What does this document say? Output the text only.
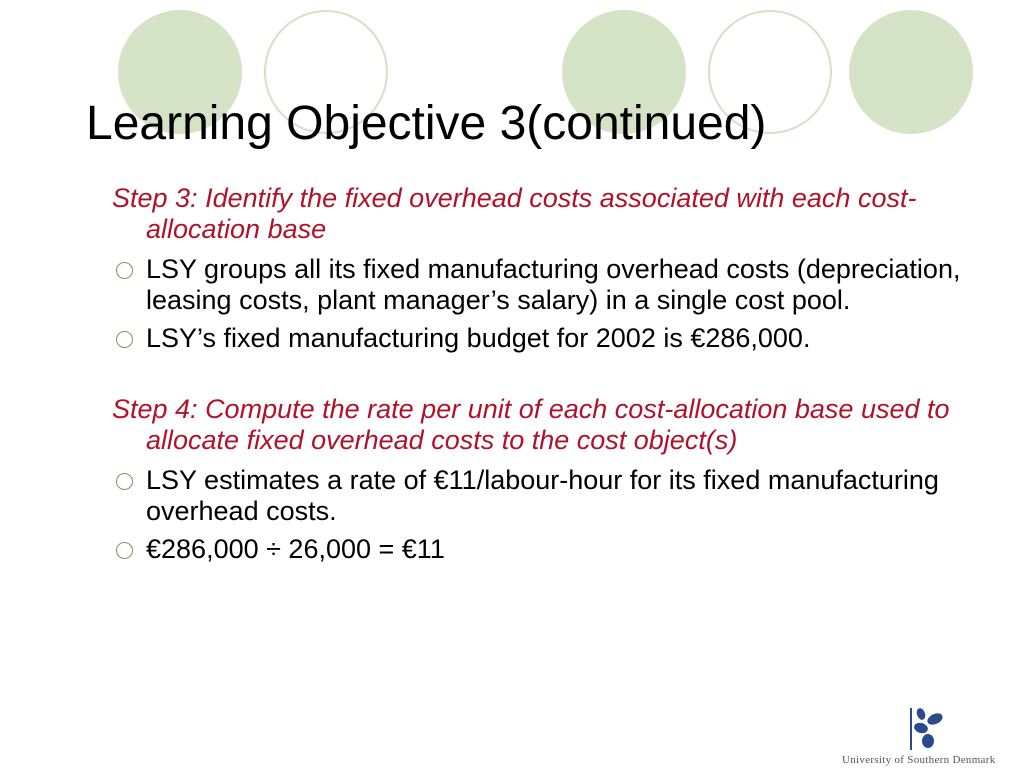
Learning Objective 3(continued)

Step 3: Identify the fixed overhead costs associated with each cost-allocation base

LSY groups all its fixed manufacturing overhead costs (depreciation, leasing costs, plant manager’s salary) in a single cost pool.

LSY’s fixed manufacturing budget for 2002 is €286,000.

Step 4: Compute the rate per unit of each cost-allocation base used to allocate fixed overhead costs to the cost object(s)

LSY estimates a rate of €11/labour-hour for its fixed manufacturing overhead costs.

€286,000 ÷ 26,000 = €11

University of Southern Denmark
